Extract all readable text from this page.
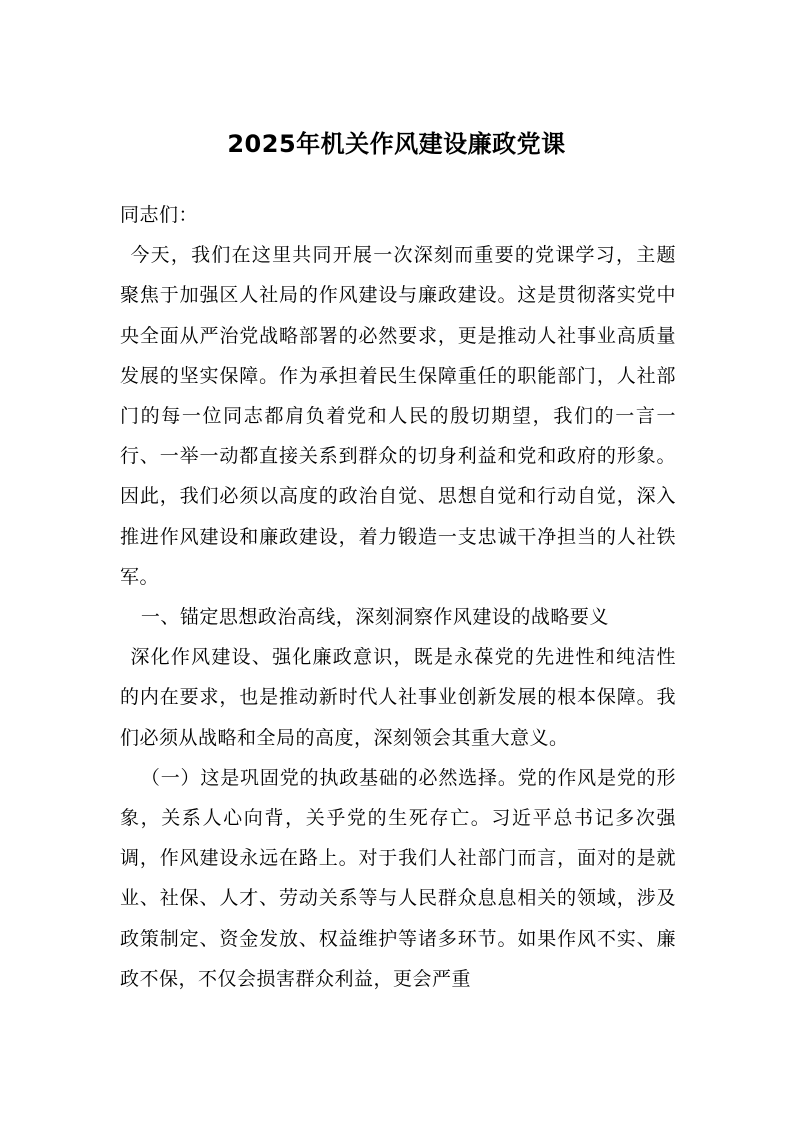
2025年机关作风建设廉政党课

同志们：

今天，我们在这里共同开展一次深刻而重要的党课学习，主题聚焦于加强区人社局的作风建设与廉政建设。这是贯彻落实党中央全面从严治党战略部署的必然要求，更是推动人社事业高质量发展的坚实保障。作为承担着民生保障重任的职能部门，人社部门的每一位同志都肩负着党和人民的殷切期望，我们的一言一行、一举一动都直接关系到群众的切身利益和党和政府的形象。因此，我们必须以高度的政治自觉、思想自觉和行动自觉，深入推进作风建设和廉政建设，着力锻造一支忠诚干净担当的人社铁军。

一、锚定思想政治高线，深刻洞察作风建设的战略要义

深化作风建设、强化廉政意识，既是永葆党的先进性和纯洁性的内在要求，也是推动新时代人社事业创新发展的根本保障。我们必须从战略和全局的高度，深刻领会其重大意义。

（一）这是巩固党的执政基础的必然选择。党的作风是党的形象，关系人心向背，关乎党的生死存亡。习近平总书记多次强调，作风建设永远在路上。对于我们人社部门而言，面对的是就业、社保、人才、劳动关系等与人民群众息息相关的领域，涉及政策制定、资金发放、权益维护等诸多环节。如果作风不实、廉政不保，不仅会损害群众利益，更会严重
